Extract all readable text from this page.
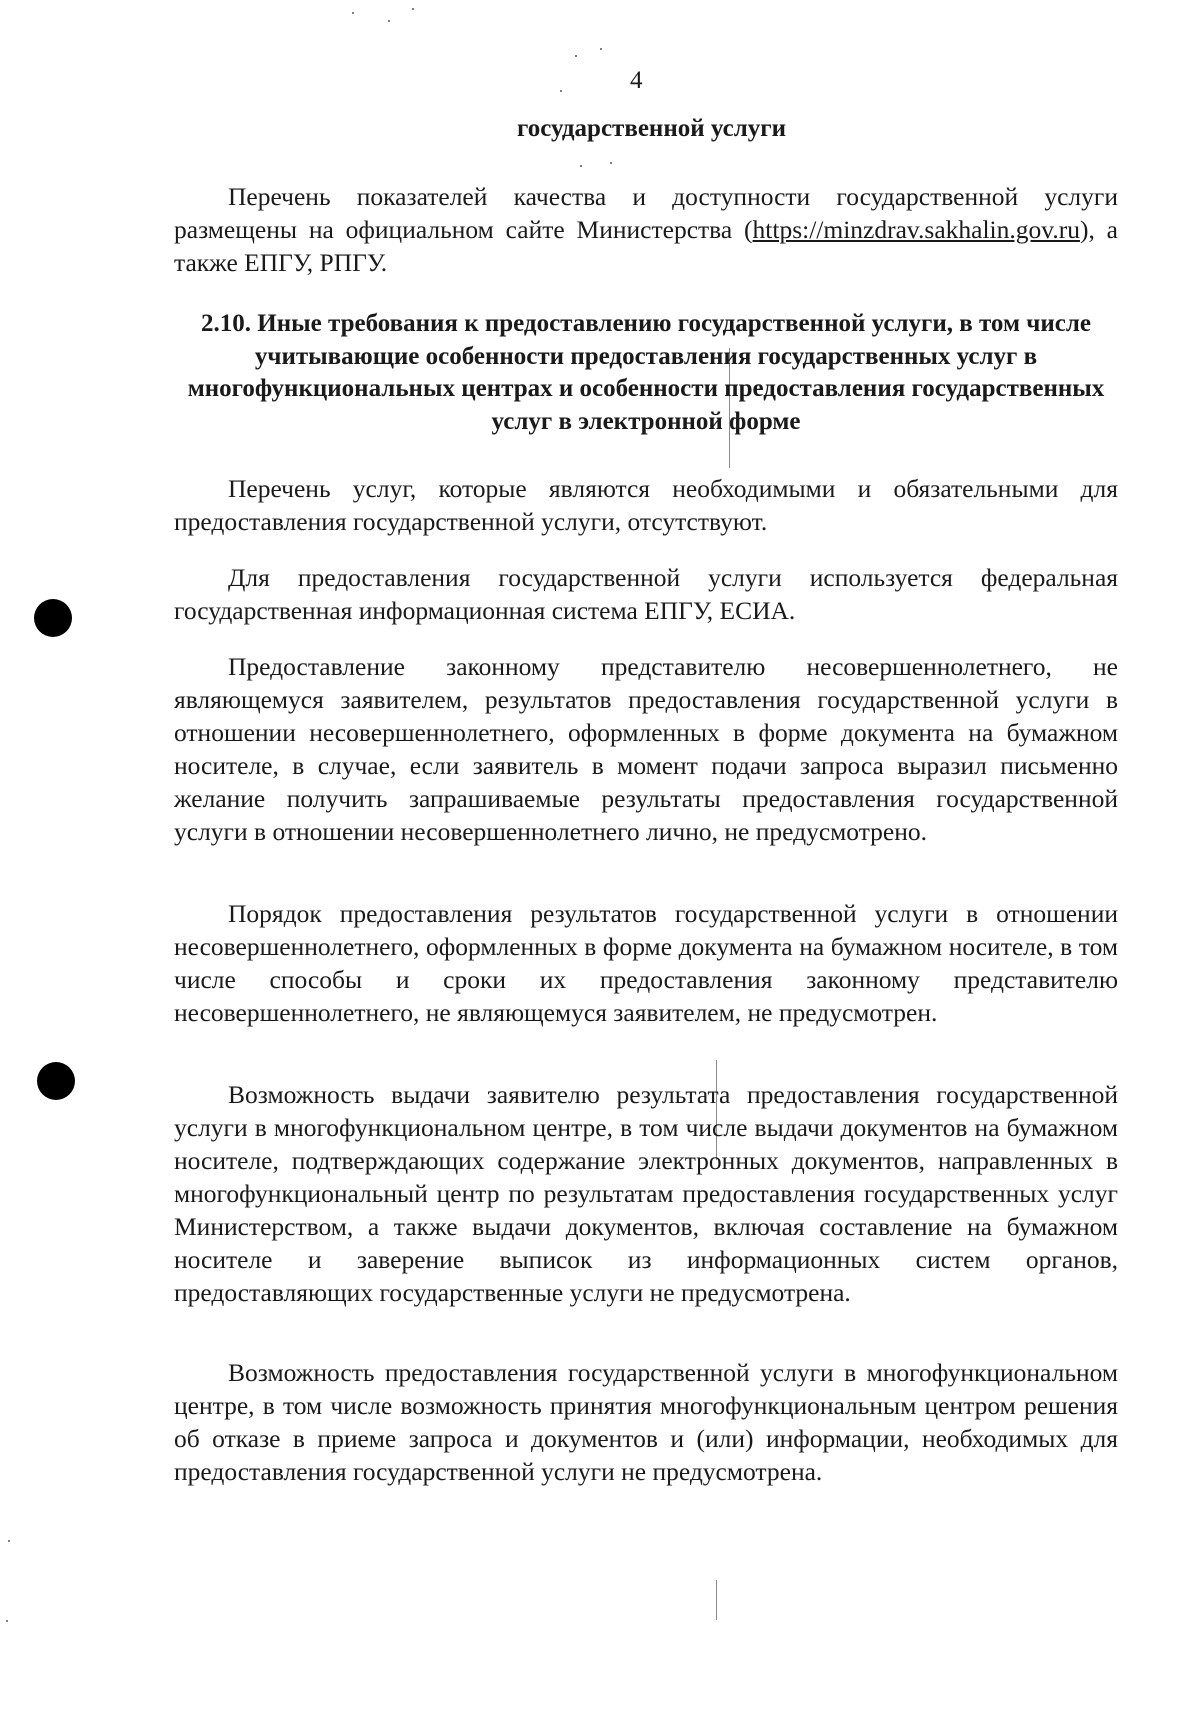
4
государственной услуги

Перечень показателей качества и доступности государственной услуги размещены на официальном сайте Министерства (https://minzdrav.sakhalin.gov.ru), а также ЕПГУ, РПГУ.

2.10. Иные требования к предоставлению государственной услуги, в том числе учитывающие особенности предоставления государственных услуг в многофункциональных центрах и особенности предоставления государственных услуг в электронной форме

Перечень услуг, которые являются необходимыми и обязательными для предоставления государственной услуги, отсутствуют.

Для предоставления государственной услуги используется федеральная государственная информационная система ЕПГУ, ЕСИА.

Предоставление законному представителю несовершеннолетнего, не являющемуся заявителем, результатов предоставления государственной услуги в отношении несовершеннолетнего, оформленных в форме документа на бумажном носителе, в случае, если заявитель в момент подачи запроса выразил письменно желание получить запрашиваемые результаты предоставления государственной услуги в отношении несовершеннолетнего лично, не предусмотрено.

Порядок предоставления результатов государственной услуги в отношении несовершеннолетнего, оформленных в форме документа на бумажном носителе, в том числе способы и сроки их предоставления законному представителю несовершеннолетнего, не являющемуся заявителем, не предусмотрен.

Возможность выдачи заявителю результата предоставления государственной услуги в многофункциональном центре, в том числе выдачи документов на бумажном носителе, подтверждающих содержание электронных документов, направленных в многофункциональный центр по результатам предоставления государственных услуг Министерством, а также выдачи документов, включая составление на бумажном носителе и заверение выписок из информационных систем органов, предоставляющих государственные услуги не предусмотрена.

Возможность предоставления государственной услуги в многофункциональном центре, в том числе возможность принятия многофункциональным центром решения об отказе в приеме запроса и документов и (или) информации, необходимых для предоставления государственной услуги не предусмотрена.
